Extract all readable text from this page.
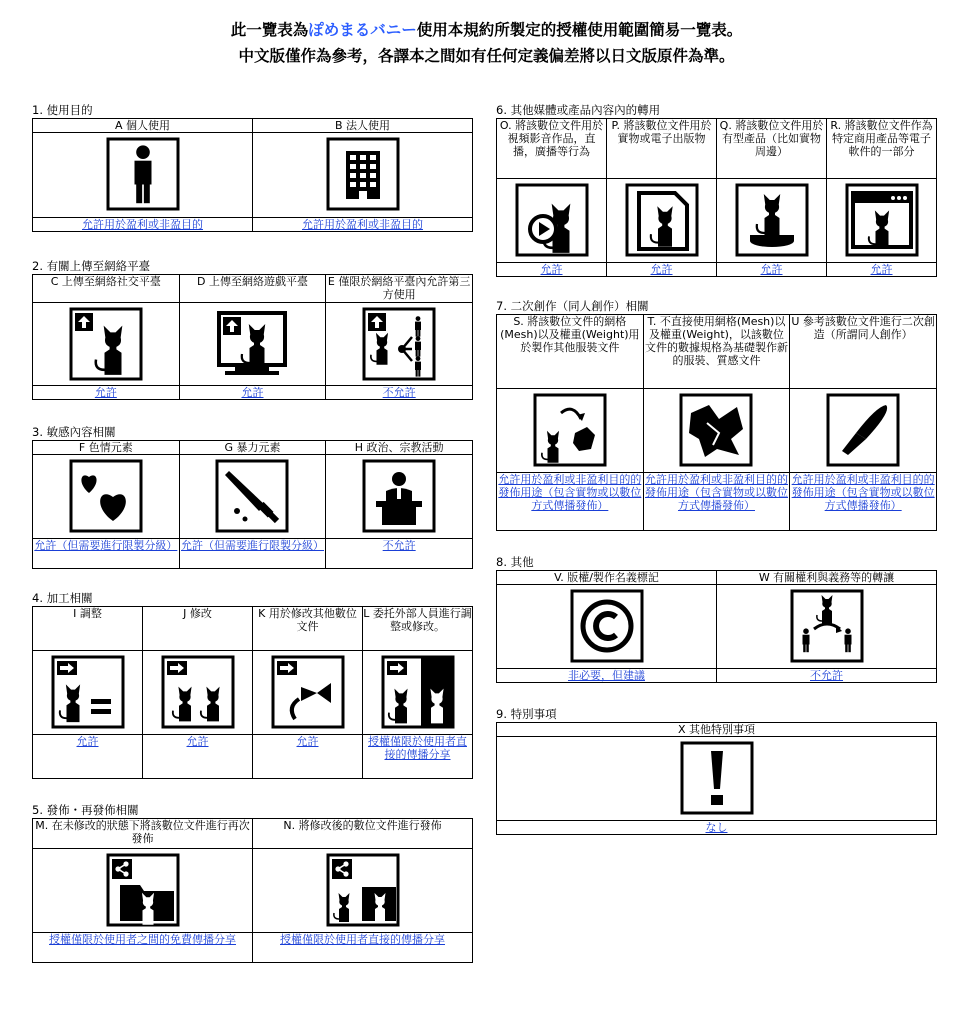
此一覽表為ぽめまるバニー使用本規約所製定的授權使用範圍簡易一覽表。
中文版僅作為參考，各譯本之間如有任何定義偏差將以日文版原件為準。
1. 使用目的
A 個人使用	B 法人使用

允許用於盈利或非盈目的	允許用於盈利或非盈目的
2. 有關上傳至網絡平臺
C 上傳至網絡社交平臺	D 上傳至網絡遊戲平臺	E 僅限於網絡平臺內允許第三方使用

允許	允許	不允許
3. 敏感內容相關
F 色情元素	G 暴力元素	H 政治、宗教活動

允許（但需要進行限製分級）	允許（但需要進行限製分級）	不允許
4. 加工相關
I 調整	J 修改	K 用於修改其他數位文件	L 委托外部人員進行調整或修改。

允許	允許	允許	授權僅限於使用者直接的傳播分享
5. 發佈・再發佈相關
M. 在未修改的狀態下將該數位文件進行再次發佈	N. 將修改後的數位文件進行發佈

授權僅限於使用者之間的免費傳播分享	授權僅限於使用者直接的傳播分享
6. 其他媒體或產品內容內的轉用
O. 將該數位文件用於視頻影音作品，直播，廣播等行為	P. 將該數位文件用於實物或電子出版物	Q. 將該數位文件用於有型產品（比如實物周邊）	R. 將該數位文件作為特定商用產品等電子軟件的一部分

允許	允許	允許	允許
7. 二次創作（同人創作）相關
S. 將該數位文件的網格(Mesh)以及權重(Weight)用於製作其他服裝文件	T. 不直接使用網格(Mesh)以及權重(Weight)，以該數位文件的數據規格為基礎製作新的服裝、質感文件	U 參考該數位文件進行二次創造（所謂同人創作）

允許用於盈利或非盈利目的的發佈用途（包含實物或以數位方式傳播發佈）	允許用於盈利或非盈利目的的發佈用途（包含實物或以數位方式傳播發佈）	允許用於盈利或非盈利目的的發佈用途（包含實物或以數位方式傳播發佈）
8. 其他
V. 版權/製作名義標記	W 有關權利與義務等的轉讓

非必要，但建議	不允許
9. 特別事項
X 其他特別事項

なし
